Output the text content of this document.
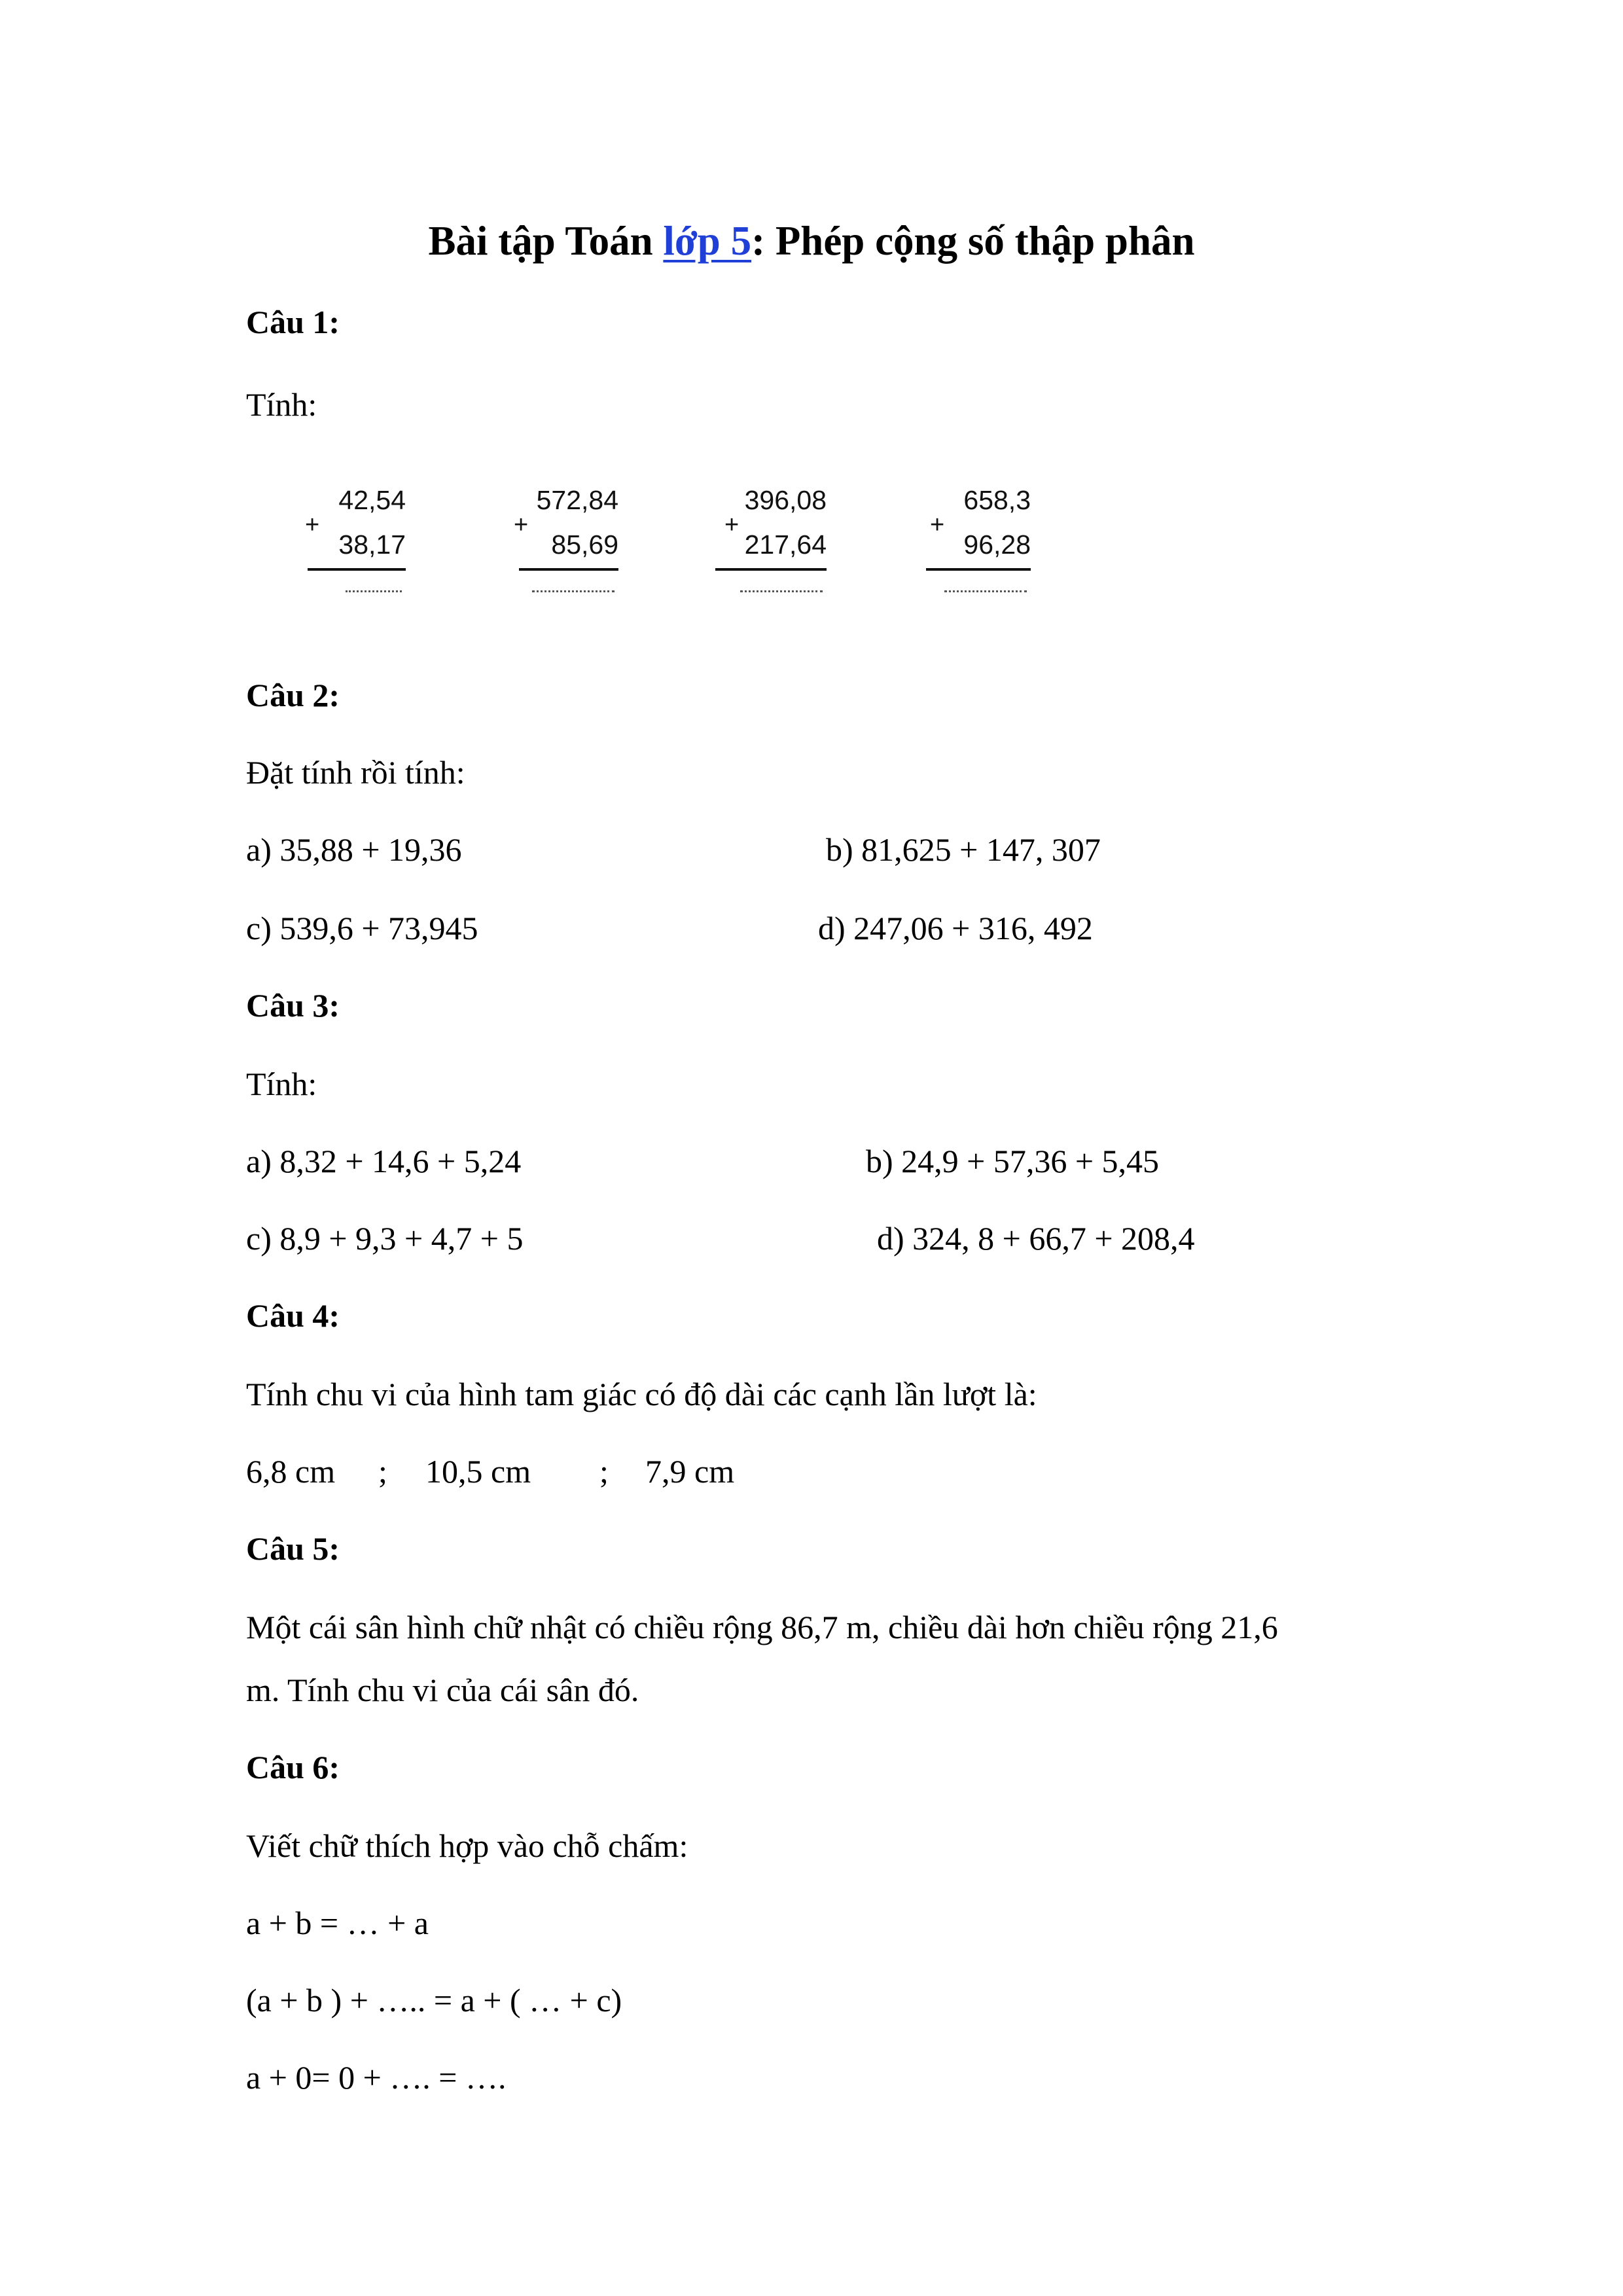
Bài tập Toán lớp 5: Phép cộng số thập phân
Câu 1:
Tính:
42,54
+
38,17
572,84
+
85,69
396,08
+
217,64
658,3
+
96,28
Câu 2:
Đặt tính rồi tính:
a) 35,88 + 19,36	b) 81,625 + 147, 307
c) 539,6 + 73,945	d) 247,06 + 316, 492
Câu 3:
Tính:
a) 8,32 + 14,6 + 5,24	b) 24,9 + 57,36 + 5,45
c) 8,9 + 9,3 + 4,7 + 5	d) 324, 8 + 66,7 + 208,4
Câu 4:
Tính chu vi của hình tam giác có độ dài các cạnh lần lượt là:
6,8 cm ; 10,5 cm ; 7,9 cm
Câu 5:
Một cái sân hình chữ nhật có chiều rộng 86,7 m, chiều dài hơn chiều rộng 21,6
m. Tính chu vi của cái sân đó.
Câu 6:
Viết chữ thích hợp vào chỗ chấm:
a + b = … + a
(a + b ) + ….. = a + ( … + c)
a + 0= 0 + …. = ….
